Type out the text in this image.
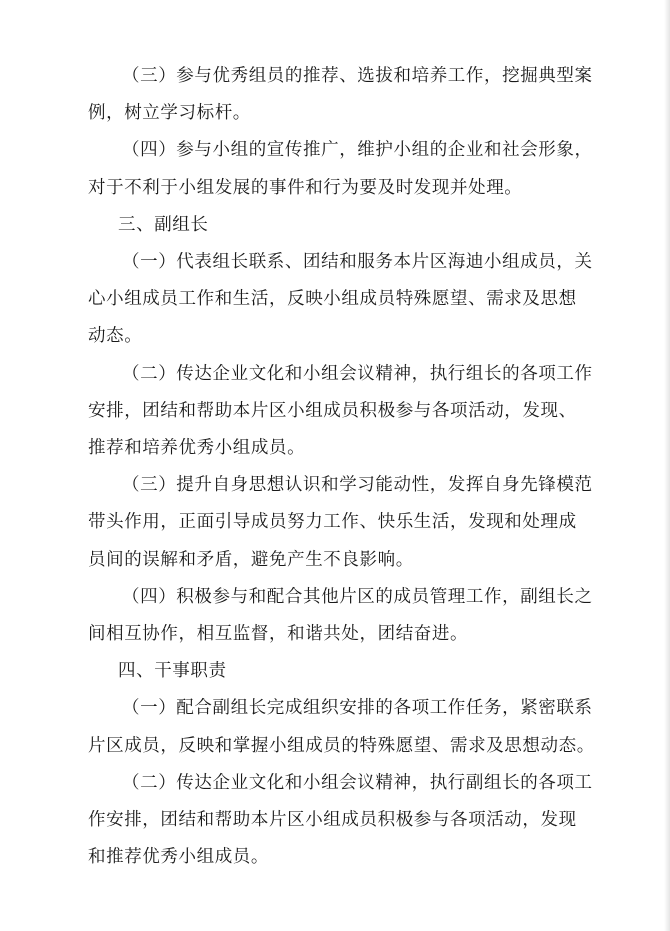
（三）参与优秀组员的推荐、选拔和培养工作，挖掘典型案
例，树立学习标杆。

（四）参与小组的宣传推广，维护小组的企业和社会形象，
对于不利于小组发展的事件和行为要及时发现并处理。

三、副组长

（一）代表组长联系、团结和服务本片区海迪小组成员，关
心小组成员工作和生活，反映小组成员特殊愿望、需求及思想
动态。

（二）传达企业文化和小组会议精神，执行组长的各项工作
安排，团结和帮助本片区小组成员积极参与各项活动，发现、
推荐和培养优秀小组成员。

（三）提升自身思想认识和学习能动性，发挥自身先锋模范
带头作用，正面引导成员努力工作、快乐生活，发现和处理成
员间的误解和矛盾，避免产生不良影响。

（四）积极参与和配合其他片区的成员管理工作，副组长之
间相互协作，相互监督，和谐共处，团结奋进。

四、干事职责

（一）配合副组长完成组织安排的各项工作任务，紧密联系
片区成员，反映和掌握小组成员的特殊愿望、需求及思想动态。

（二）传达企业文化和小组会议精神，执行副组长的各项工
作安排，团结和帮助本片区小组成员积极参与各项活动，发现
和推荐优秀小组成员。
